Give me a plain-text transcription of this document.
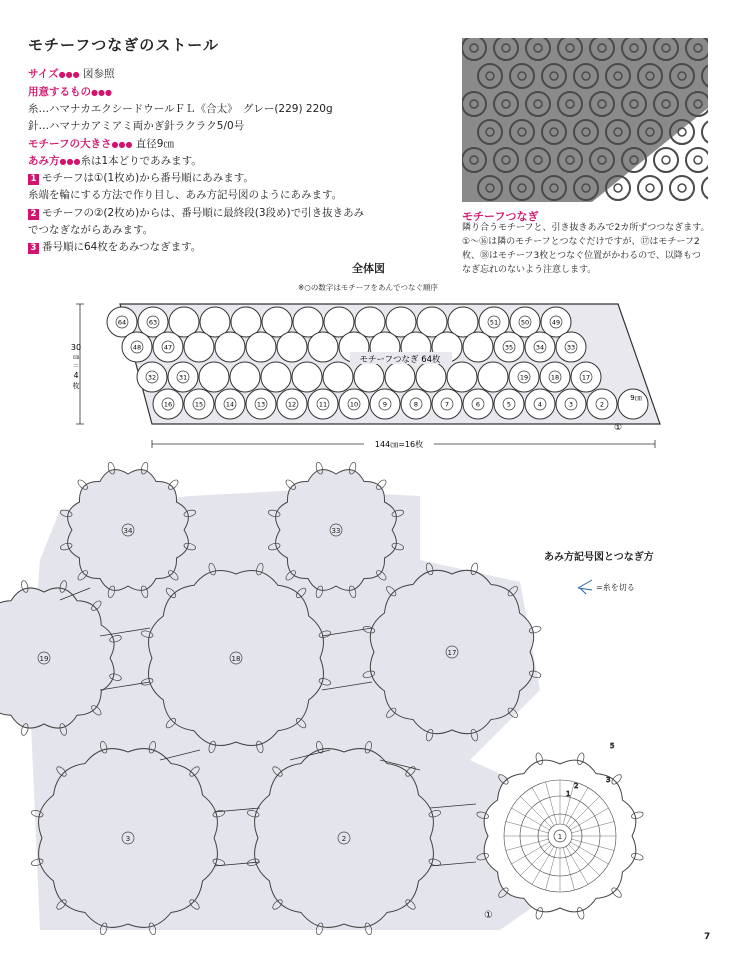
モチーフつなぎのストール
サイズ●●● 図参照
用意するもの●●●
糸…ハマナカエクシードウールＦＬ《合太》　グレー(229) 220g
針…ハマナカアミアミ両かぎ針ラクラク5/0号
モチーフの大きさ●●● 直径9㎝
あみ方●●●糸は1本どりであみます。
1 モチーフは①(1枚め)から番号順にあみます。
糸端を輪にする方法で作り目し、あみ方記号図のようにあみます。
2 モチーフの②(2枚め)からは、番号順に最終段(3段め)で引き抜きあみ
でつなぎながらあみます。
3 番号順に64枚をあみつなぎます。
モチーフつなぎ
隣り合うモチーフと、引き抜きあみで2カ所ずつつなぎます。
①〜⑯は隣のモチーフとつなぐだけですが、⑰はモチーフ2
枚、⑱はモチーフ3枚とつなぐ位置がかわるので、以降もつ
なぎ忘れのないよう注意します。
全体図
※○の数字はモチーフをあんでつなぐ順序
64	63	51	50	49
48	47	35	34	33
32	31	19	18	17
16	15	14	13	12	11	10	9	8	7	6	5	4	3	2
30
㎝
＝
4
枚
144㎝=16枚
モチーフつなぎ 64枚
9㎝
①
34	33
19	18
17
3	2	1
1
2
3
5
①
あみ方記号図とつなぎ方
=糸を切る
7
